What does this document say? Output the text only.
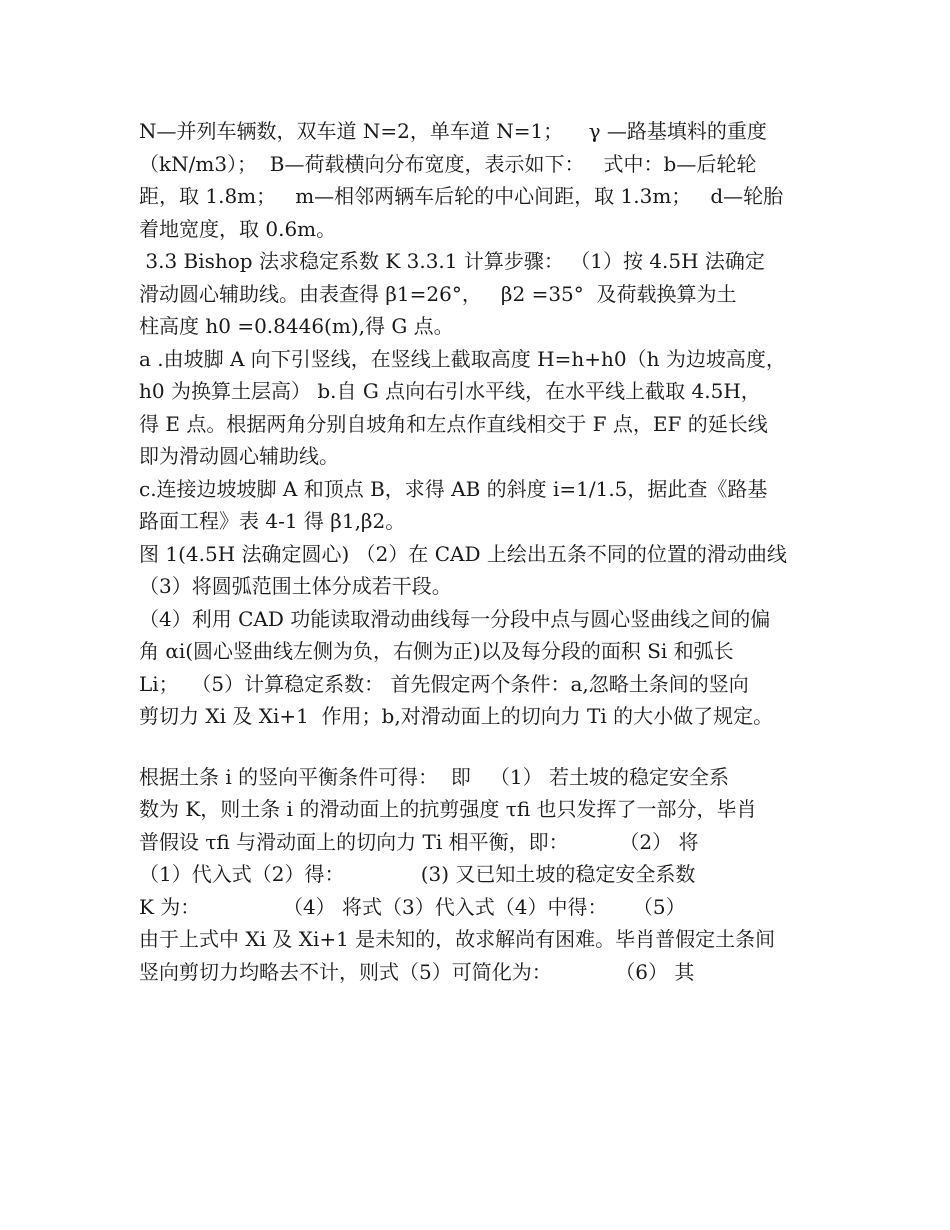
N—并列车辆数，双车道 N=2，单车道 N=1；    γ —路基填料的重度
（kN/m3）；  B—荷载横向分布宽度，表示如下：   式中：b—后轮轮
距，取 1.8m；   m—相邻两辆车后轮的中心间距，取 1.3m；   d—轮胎
着地宽度，取 0.6m。
3.3 Bishop 法求稳定系数 K 3.3.1 计算步骤： （1）按 4.5H 法确定
滑动圆心辅助线。由表查得 β1=26°，   β2 =35°  及荷载换算为土
柱高度 h0 =0.8446(m),得 G 点。
a .由坡脚 A 向下引竖线，在竖线上截取高度 H=h+h0（h 为边坡高度，
h0 为换算土层高） b.自 G 点向右引水平线，在水平线上截取 4.5H，
得 E 点。根据两角分别自坡角和左点作直线相交于 F 点，EF 的延长线
即为滑动圆心辅助线。
c.连接边坡坡脚 A 和顶点 B，求得 AB 的斜度 i=1/1.5，据此查《路基
路面工程》表 4-1 得 β1,β2。
图 1(4.5H 法确定圆心) （2）在 CAD 上绘出五条不同的位置的滑动曲线
（3）将圆弧范围土体分成若干段。
（4）利用 CAD 功能读取滑动曲线每一分段中点与圆心竖曲线之间的偏
角 αi(圆心竖曲线左侧为负，右侧为正)以及每分段的面积 Si 和弧长
Li；  （5）计算稳定系数： 首先假定两个条件：a,忽略土条间的竖向
剪切力 Xi 及 Xi+1  作用；b,对滑动面上的切向力 Ti 的大小做了规定。
根据土条 i 的竖向平衡条件可得：  即   （1） 若土坡的稳定安全系
数为 K，则土条 i 的滑动面上的抗剪强度 τfi 也只发挥了一部分，毕肖
普假设 τfi 与滑动面上的切向力 Ti 相平衡，即：        （2） 将
（1）代入式（2）得：            (3) 又已知土坡的稳定安全系数
K 为：             （4） 将式（3）代入式（4）中得：    （5）
由于上式中 Xi 及 Xi+1 是未知的，故求解尚有困难。毕肖普假定土条间
竖向剪切力均略去不计，则式（5）可简化为：          （6） 其
